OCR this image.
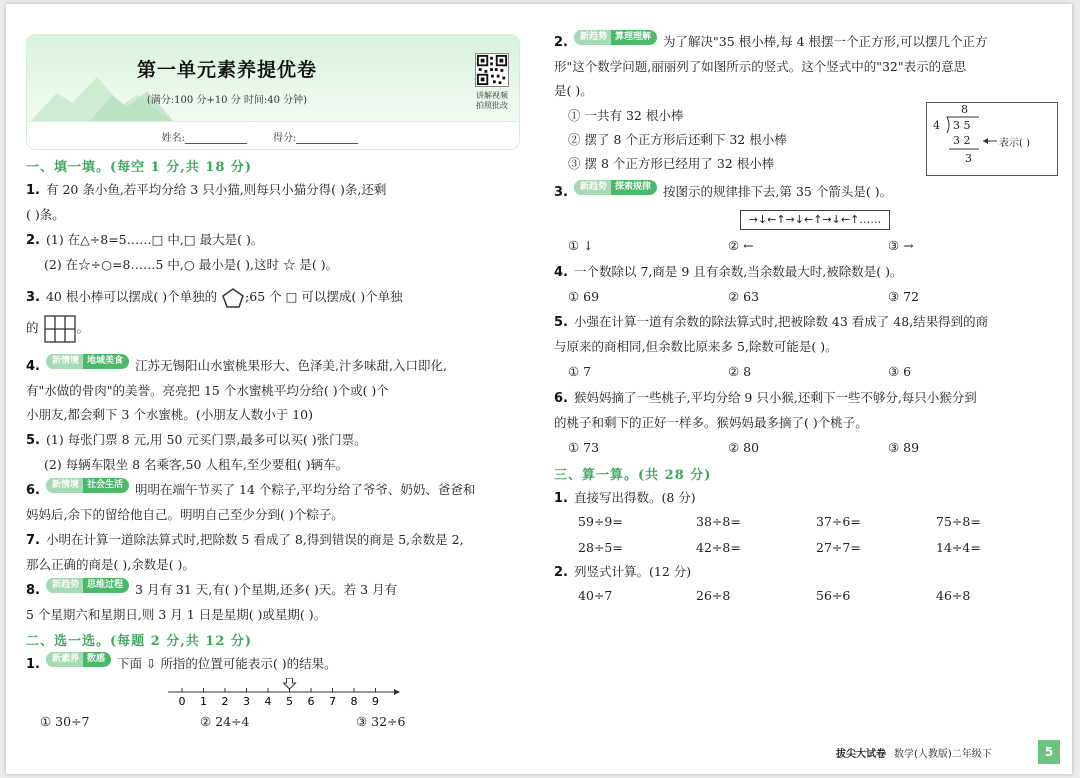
第一单元素养提优卷
(满分:100 分+10 分 时间:40 分钟)	讲解视频
拍照批改
姓名:	得分:
一、填一填。(每空 1 分,共 18 分)
1. 有 20 条小鱼,若平均分给 3 只小猫,则每只小猫分得( )条,还剩
( )条。
2. (1) 在△÷8=5……□ 中,□ 最大是( )。
(2) 在☆÷○=8……5 中,○ 最小是( ),这时 ☆ 是( )。
3. 40 根小棒可以摆成( )个单独的 ;65 个 □ 可以摆成( )个单独
的	。
4. 新情境 地域美食 江苏无锡阳山水蜜桃果形大、色泽美,汁多味甜,入口即化,
有"水做的骨肉"的美誉。亮亮把 15 个水蜜桃平均分给( )个或( )个
小朋友,都会剩下 3 个水蜜桃。(小朋友人数小于 10)
5. (1) 每张门票 8 元,用 50 元买门票,最多可以买( )张门票。
(2) 每辆车限坐 8 名乘客,50 人租车,至少要租( )辆车。
6. 新情境 社会生活 明明在端午节买了 14 个粽子,平均分给了爷爷、奶奶、爸爸和
妈妈后,余下的留给他自己。明明自己至少分到( )个粽子。
7. 小明在计算一道除法算式时,把除数 5 看成了 8,得到错误的商是 5,余数是 2,
那么正确的商是( ),余数是( )。
8. 新趋势 思维过程 3 月有 31 天,有( )个星期,还多( )天。若 3 月有
5 个星期六和星期日,则 3 月 1 日是星期( )或星期( )。
二、选一选。(每题 2 分,共 12 分)
1. 新素养 数感 下面 ⇩ 所指的位置可能表示( )的结果。
0 1 2 3 4 5 6 7 8 9
① 30÷7	② 24÷4	③ 32÷6
2. 新趋势 算理理解 为了解决"35 根小棒,每 4 根摆一个正方形,可以摆几个正方
形"这个数学问题,丽丽列了如图所示的竖式。这个竖式中的"32"表示的意思
是( )。
① 一共有 32 根小棒
② 摆了 8 个正方形后还剩下 32 根小棒
③ 摆 8 个正方形已经用了 32 根小棒
8
4 3 5
3 2	表示( )
3
3. 新趋势 探索规律 按图示的规律排下去,第 35 个箭头是( )。
→↓←↑→↓←↑→↓←↑……
① ↓	② ←	③ →
4. 一个数除以 7,商是 9 且有余数,当余数最大时,被除数是( )。
① 69	② 63	③ 72
5. 小强在计算一道有余数的除法算式时,把被除数 43 看成了 48,结果得到的商
与原来的商相同,但余数比原来多 5,除数可能是( )。
① 7	② 8	③ 6
6. 猴妈妈摘了一些桃子,平均分给 9 只小猴,还剩下一些不够分,每只小猴分到
的桃子和剩下的正好一样多。猴妈妈最多摘了( )个桃子。
① 73	② 80	③ 89
三、算一算。(共 28 分)
1. 直接写出得数。(8 分)
59÷9=	38÷8=	37÷6=	75÷8=
28÷5=	42÷8=	27÷7=	14÷4=
2. 列竖式计算。(12 分)
40÷7	26÷8	56÷6	46÷8
拔尖大试卷 数学(人教版)二年级下	5
